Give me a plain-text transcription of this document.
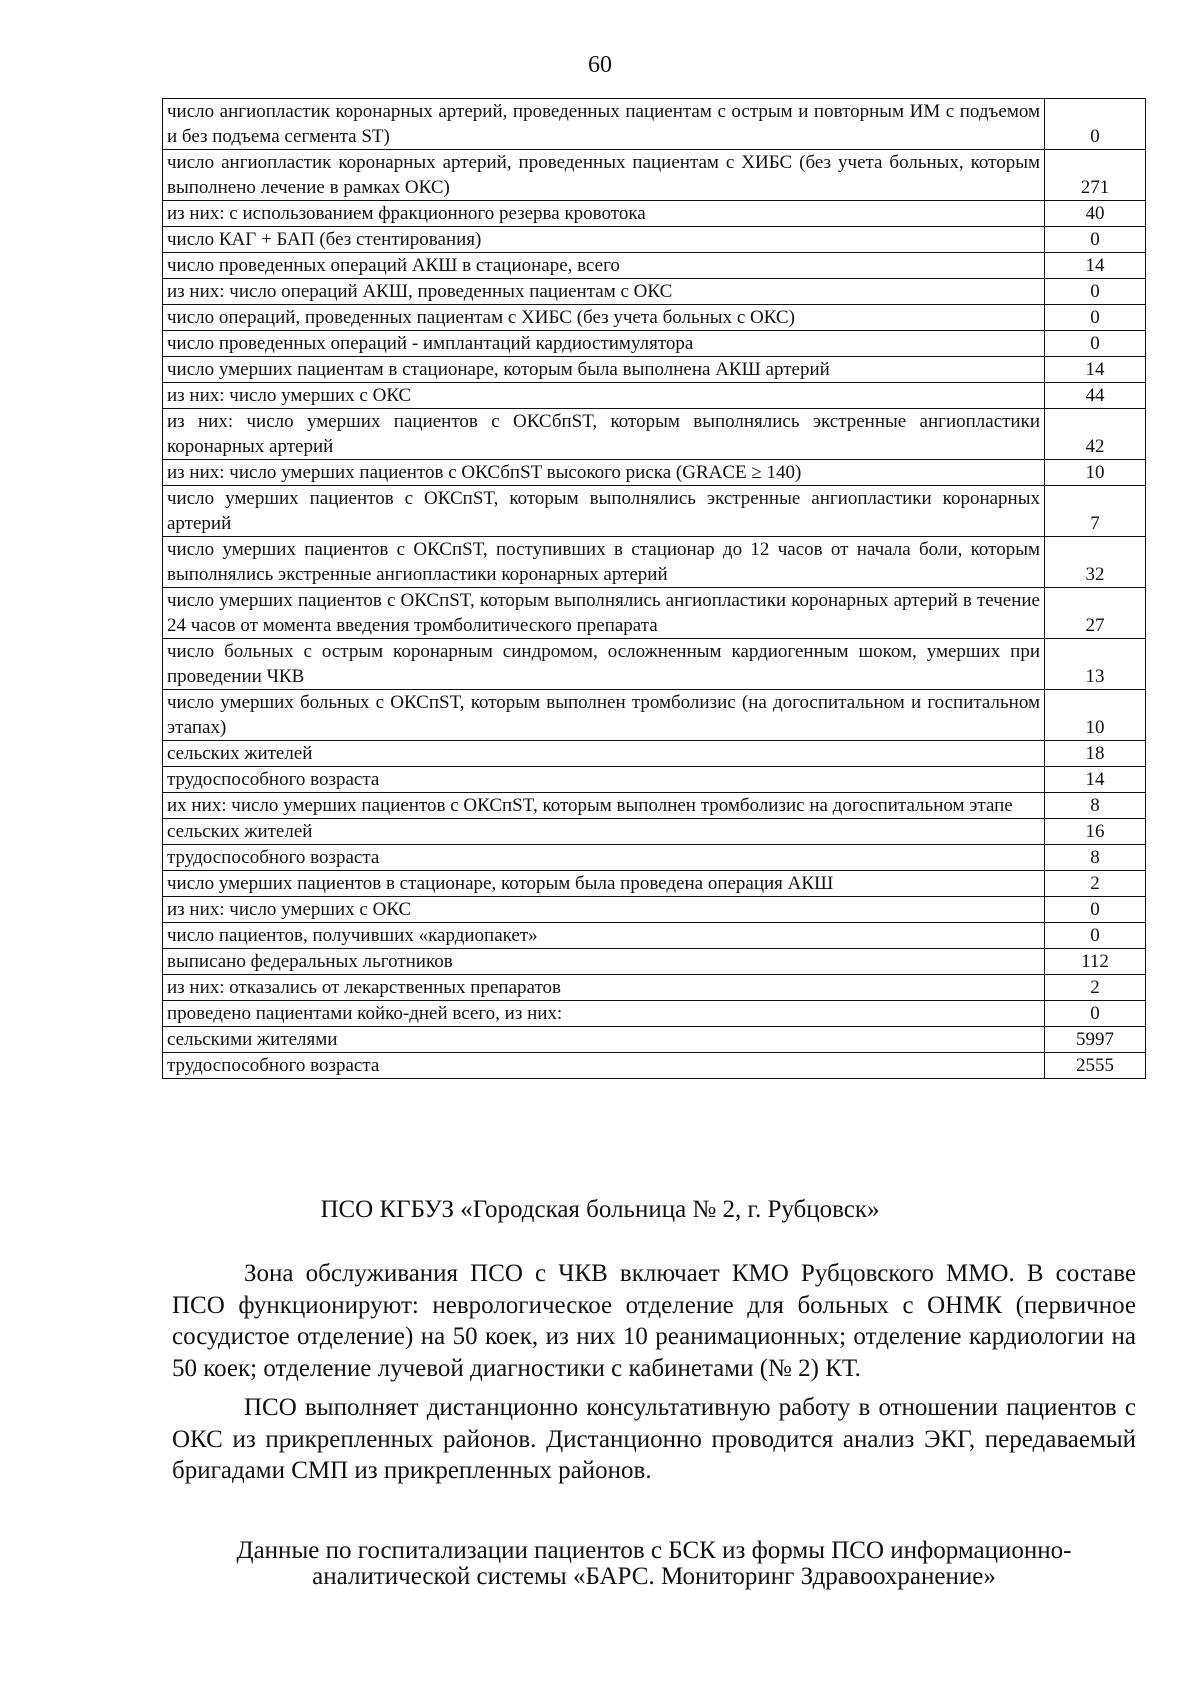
60
число ангиопластик коронарных артерий, проведенных пациентам с острым и повторным ИМ с подъемом и без подъема сегмента ST)	0
число ангиопластик коронарных артерий, проведенных пациентам с ХИБС (без учета больных, которым выполнено лечение в рамках ОКС)	271
из них: с использованием фракционного резерва кровотока	40
число КАГ + БАП (без стентирования)	0
число проведенных операций АКШ в стационаре, всего	14
из них: число операций АКШ, проведенных пациентам с ОКС	0
число операций, проведенных пациентам с ХИБС (без учета больных с ОКС)	0
число проведенных операций - имплантаций кардиостимулятора	0
число умерших пациентам в стационаре, которым была выполнена АКШ артерий	14
из них: число умерших с ОКС	44
из них: число умерших пациентов с ОКСбпST, которым выполнялись экстренные ангиопластики коронарных артерий	42
из них: число умерших пациентов с ОКСбпST высокого риска (GRACE ≥ 140)	10
число умерших пациентов с ОКСпST, которым выполнялись экстренные ангиопластики коронарных артерий	7
число умерших пациентов с ОКСпST, поступивших в стационар до 12 часов от начала боли, которым выполнялись экстренные ангиопластики коронарных артерий	32
число умерших пациентов с ОКСпST, которым выполнялись ангиопластики коронарных артерий в течение 24 часов от момента введения тромболитического препарата	27
число больных с острым коронарным синдромом, осложненным кардиогенным шоком, умерших при проведении ЧКВ	13
число умерших больных с ОКСпST, которым выполнен тромболизис (на догоспитальном и госпитальном этапах)	10
сельских жителей	18
трудоспособного возраста	14
их них: число умерших пациентов с ОКСпST, которым выполнен тромболизис на догоспитальном этапе	8
сельских жителей	16
трудоспособного возраста	8
число умерших пациентов в стационаре, которым была проведена операция АКШ	2
из них: число умерших с ОКС	0
число пациентов, получивших «кардиопакет»	0
выписано федеральных льготников	112
из них: отказались от лекарственных препаратов	2
проведено пациентами койко-дней всего, из них:	0
сельскими жителями	5997
трудоспособного возраста	2555
ПСО КГБУЗ «Городская больница № 2, г. Рубцовск»

Зона обслуживания ПСО с ЧКВ включает КМО Рубцовского ММО. В составе ПСО функционируют: неврологическое отделение для больных с ОНМК (первичное сосудистое отделение) на 50 коек, из них 10 реанимационных; отделение кардиологии на 50 коек; отделение лучевой диагностики с кабинетами (№ 2) КТ.

ПСО выполняет дистанционно консультативную работу в отношении пациентов с ОКС из прикрепленных районов. Дистанционно проводится анализ ЭКГ, передаваемый бригадами СМП из прикрепленных районов.

Данные по госпитализации пациентов с БСК из формы ПСО информационно-аналитической системы «БАРС. Мониторинг Здравоохранение»
